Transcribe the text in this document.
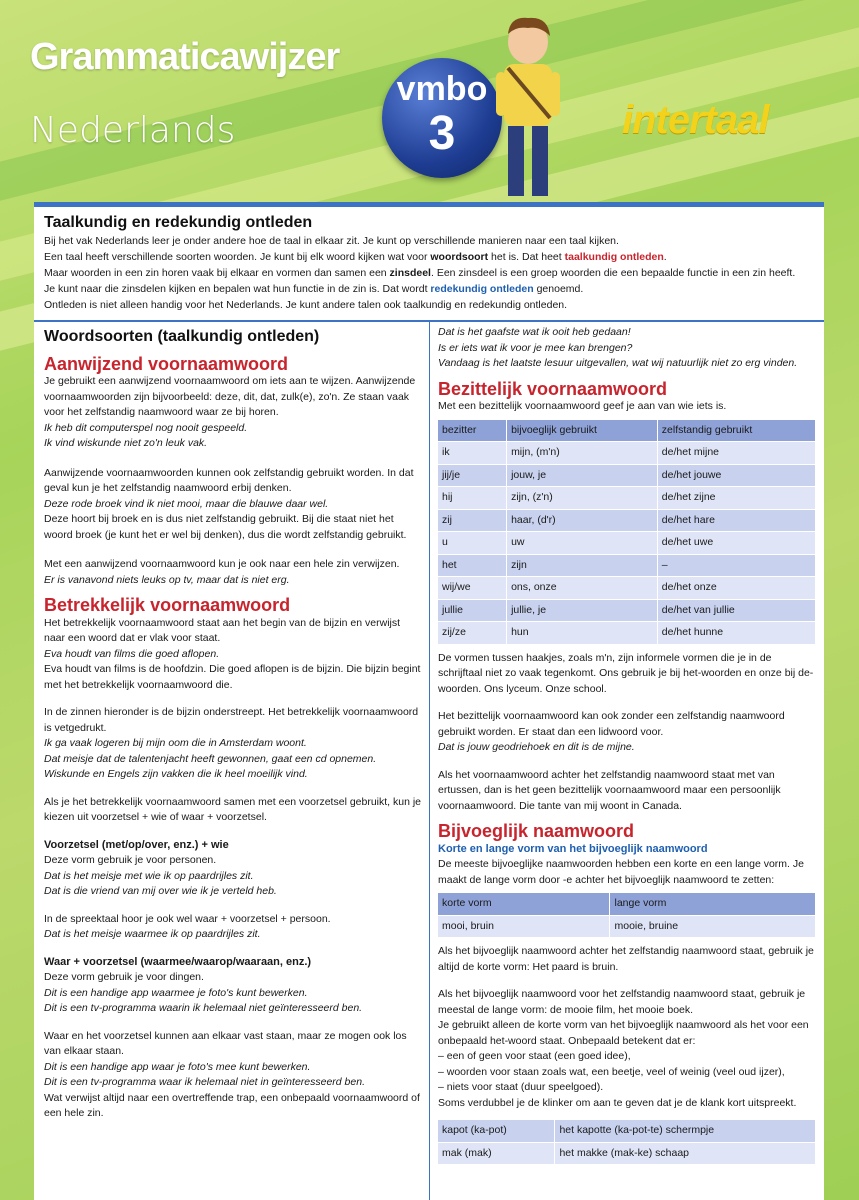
Grammaticawijzer
Nederlands
vmbo
3	intertaal
Taalkundig en redekundig ontleden
Bij het vak Nederlands leer je onder andere hoe de taal in elkaar zit. Je kunt op verschillende manieren naar een taal kijken.
Een taal heeft verschillende soorten woorden. Je kunt bij elk woord kijken wat voor woordsoort het is. Dat heet taalkundig ontleden.
Maar woorden in een zin horen vaak bij elkaar en vormen dan samen een zinsdeel. Een zinsdeel is een groep woorden die een bepaalde functie in een zin heeft.
Je kunt naar die zinsdelen kijken en bepalen wat hun functie in de zin is. Dat wordt redekundig ontleden genoemd.
Ontleden is niet alleen handig voor het Nederlands. Je kunt andere talen ook taalkundig en redekundig ontleden.
Woordsoorten (taalkundig ontleden)
Aanwijzend voornaamwoord

Je gebruikt een aanwijzend voornaamwoord om iets aan te wijzen. Aanwijzende voornaamwoorden zijn bijvoorbeeld: deze, dit, dat, zulk(e), zo'n. Ze staan vaak voor het zelfstandig naamwoord waar ze bij horen.
Ik heb dit computerspel nog nooit gespeeld.
Ik vind wiskunde niet zo'n leuk vak.

Aanwijzende voornaamwoorden kunnen ook zelfstandig gebruikt worden. In dat geval kun je het zelfstandig naamwoord erbij denken.
Deze rode broek vind ik niet mooi, maar die blauwe daar wel.
Deze hoort bij broek en is dus niet zelfstandig gebruikt. Bij die staat niet het woord broek (je kunt het er wel bij denken), dus die wordt zelfstandig gebruikt.

Met een aanwijzend voornaamwoord kun je ook naar een hele zin verwijzen.
Er is vanavond niets leuks op tv, maar dat is niet erg.

Betrekkelijk voornaamwoord

Het betrekkelijk voornaamwoord staat aan het begin van de bijzin en verwijst naar een woord dat er vlak voor staat.
Eva houdt van films die goed aflopen.
Eva houdt van films is de hoofdzin. Die goed aflopen is de bijzin. Die bijzin begint met het betrekkelijk voornaamwoord die.

In de zinnen hieronder is de bijzin onderstreept. Het betrekkelijk voornaamwoord is vetgedrukt.
Ik ga vaak logeren bij mijn oom die in Amsterdam woont.
Dat meisje dat de talentenjacht heeft gewonnen, gaat een cd opnemen.
Wiskunde en Engels zijn vakken die ik heel moeilijk vind.

Als je het betrekkelijk voornaamwoord samen met een voorzetsel gebruikt, kun je kiezen uit voorzetsel + wie of waar + voorzetsel.

Voorzetsel (met/op/over, enz.) + wie

Deze vorm gebruik je voor personen.
Dat is het meisje met wie ik op paardrijles zit.
Dat is die vriend van mij over wie ik je verteld heb.

In de spreektaal hoor je ook wel waar + voorzetsel + persoon.
Dat is het meisje waarmee ik op paardrijles zit.

Waar + voorzetsel (waarmee/waarop/waaraan, enz.)

Deze vorm gebruik je voor dingen.
Dit is een handige app waarmee je foto's kunt bewerken.
Dit is een tv-programma waarin ik helemaal niet geïnteresseerd ben.

Waar en het voorzetsel kunnen aan elkaar vast staan, maar ze mogen ook los van elkaar staan.
Dit is een handige app waar je foto's mee kunt bewerken.
Dit is een tv-programma waar ik helemaal niet in geïnteresseerd ben.
Wat verwijst altijd naar een overtreffende trap, een onbepaald voornaamwoord of een hele zin.

Dat is het gaafste wat ik ooit heb gedaan!
Is er iets wat ik voor je mee kan brengen?
Vandaag is het laatste lesuur uitgevallen, wat wij natuurlijk niet zo erg vinden.

Bezittelijk voornaamwoord
Met een bezittelijk voornaamwoord geef je aan van wie iets is.
bezitter	bijvoeglijk gebruikt	zelfstandig gebruikt
ik	mijn, (m'n)	de/het mijne
jij/je	jouw, je	de/het jouwe
hij	zijn, (z'n)	de/het zijne
zij	haar, (d'r)	de/het hare
u	uw	de/het uwe
het	zijn	–
wij/we	ons, onze	de/het onze
jullie	jullie, je	de/het van jullie
zij/ze	hun	de/het hunne

De vormen tussen haakjes, zoals m'n, zijn informele vormen die je in de schrijftaal niet zo vaak tegenkomt. Ons gebruik je bij het-woorden en onze bij de-woorden. Ons lyceum. Onze school.

Het bezittelijk voornaamwoord kan ook zonder een zelfstandig naamwoord gebruikt worden. Er staat dan een lidwoord voor.
Dat is jouw geodriehoek en dit is de mijne.

Als het voornaamwoord achter het zelfstandig naamwoord staat met van ertussen, dan is het geen bezittelijk voornaamwoord maar een persoonlijk voornaamwoord. Die tante van mij woont in Canada.

Bijvoeglijk naamwoord
Korte en lange vorm van het bijvoeglijk naamwoord
De meeste bijvoeglijke naamwoorden hebben een korte en een lange vorm. Je maakt de lange vorm door -e achter het bijvoeglijk naamwoord te zetten:
korte vorm	lange vorm
mooi, bruin	mooie, bruine

Als het bijvoeglijk naamwoord achter het zelfstandig naamwoord staat, gebruik je altijd de korte vorm: Het paard is bruin.

Als het bijvoeglijk naamwoord voor het zelfstandig naamwoord staat, gebruik je meestal de lange vorm: de mooie film, het mooie boek.
Je gebruikt alleen de korte vorm van het bijvoeglijk naamwoord als het voor een onbepaald het-woord staat. Onbepaald betekent dat er:
– een of geen voor staat (een goed idee),
– woorden voor staan zoals wat, een beetje, veel of weinig (veel oud ijzer),
– niets voor staat (duur speelgoed).
Soms verdubbel je de klinker om aan te geven dat je de klank kort uitspreekt.

kapot (ka-pot)	het kapotte (ka-pot-te) schermpje
mak (mak)	het makke (mak-ke) schaap
